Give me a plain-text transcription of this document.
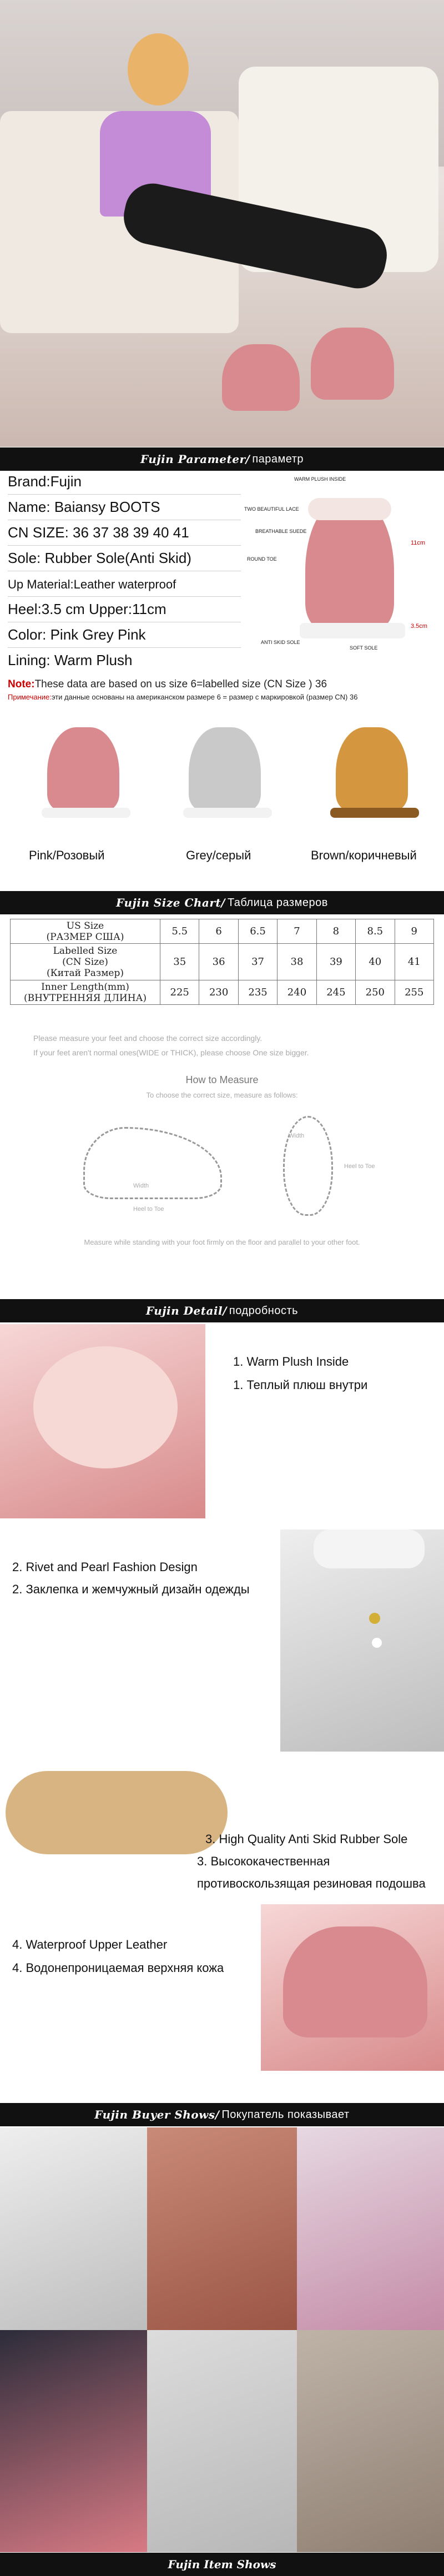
Fujin Parameter/ параметр
Brand:Fujin
Name: Baiansy BOOTS
CN SIZE: 36 37 38 39 40 41
Sole: Rubber Sole(Anti Skid)
Up Material:Leather waterproof
Heel:3.5 cm Upper:11cm
Color: Pink Grey Pink
Lining: Warm Plush
WARM PLUSH INSIDE
TWO BEAUTIFUL LACE
BREATHABLE SUEDE
ROUND TOE
ANTI SKID SOLE
SOFT SOLE
11cm
3.5cm
Note:These data are based on us size 6=labelled size (CN Size ) 36
Примечание:эти данные основаны на американском размере 6 = размер с маркировкой (размер CN) 36
Pink/Розовый	Grey/серый	Brown/коричневый
Fujin Size Chart/ Таблица размеров
US Size
(РАЗМЕР США)	5.5	6	6.5	7	8	8.5	9
Labelled Size
(CN Size)
(Китай Размер)	35	36	37	38	39	40	41
Inner Length(mm)
(ВНУТРЕННЯЯ ДЛИНА)	225	230	235	240	245	250	255
Please measure your feet and choose the correct size accordingly.
If your feet aren't normal ones(WIDE or THICK), please choose One size bigger.
How to Measure
To choose the correct size, measure as follows:
Width
Heel to Toe
Width
Heel to Toe
Measure while standing with your foot firmly on the floor and parallel to your other foot.
Fujin Detail/ подробность
1. Warm Plush Inside
1. Теплый плюш внутри
2. Rivet and Pearl Fashion Design
2. Заклепка и жемчужный дизайн одежды
3. High Quality Anti Skid Rubber Sole
3. Высококачественная
противоскользящая резиновая подошва
4. Waterproof Upper Leather
4. Водонепроницаемая верхняя кожа
Fujin Buyer Shows/ Покупатель показывает
Fujin Item Shows
